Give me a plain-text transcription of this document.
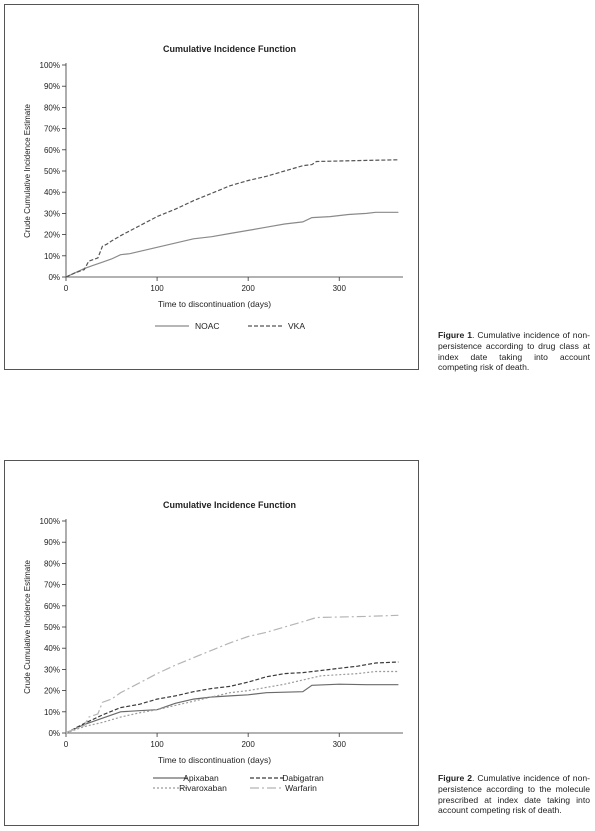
Cumulative Incidence Function
0%
10%
20%
30%
40%
50%
60%
70%
80%
90%
100%
0	100	200	300
Time to discontinuation (days)
Crude Cumulative Incidence Estimate
NOAC	VKA
Figure 1. Cumulative incidence of non-persistence according to drug class at index date taking into account competing risk of death.
Cumulative Incidence Function
0%
10%
20%
30%
40%
50%
60%
70%
80%
90%
100%
0	100	200	300
Time to discontinuation (days)
Crude Cumulative Incidence Estimate
Apixaban	Dabigatran
Rivaroxaban	Warfarin
Figure 2. Cumulative incidence of non-persistence according to the molecule prescribed at index date taking into account competing risk of death.
